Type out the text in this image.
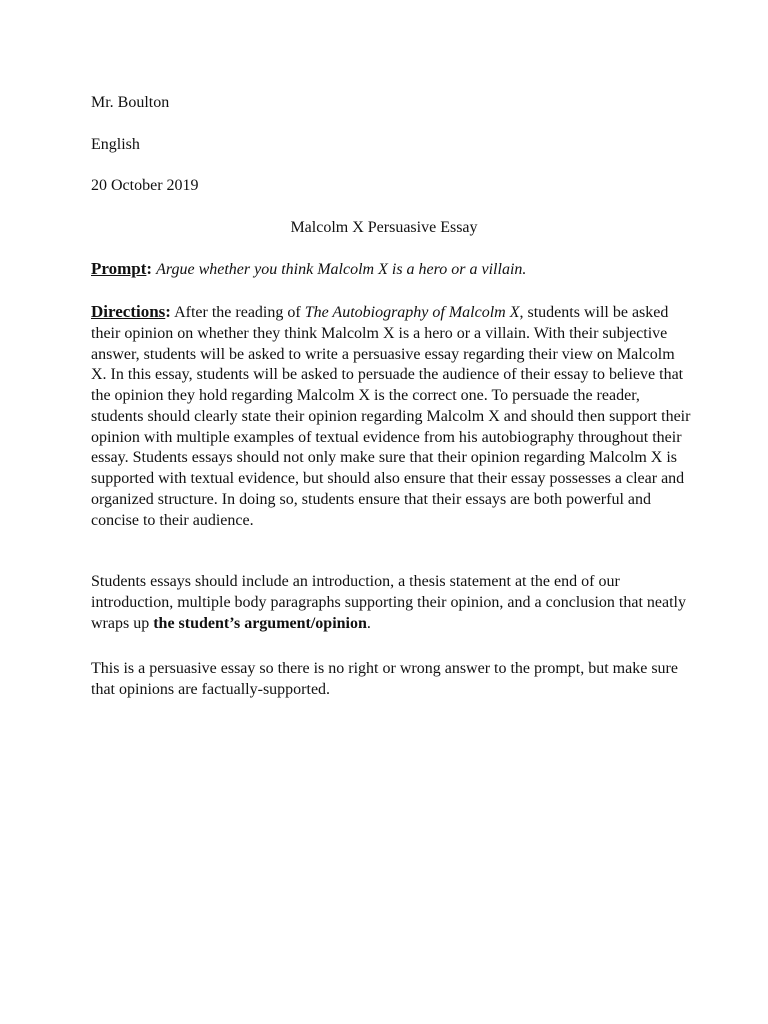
Mr. Boulton
English
20 October 2019
Malcolm X Persuasive Essay
Prompt: Argue whether you think Malcolm X is a hero or a villain.
Directions: After the reading of The Autobiography of Malcolm X, students will be asked their opinion on whether they think Malcolm X is a hero or a villain. With their subjective answer, students will be asked to write a persuasive essay regarding their view on Malcolm X. In this essay, students will be asked to persuade the audience of their essay to believe that the opinion they hold regarding Malcolm X is the correct one. To persuade the reader, students should clearly state their opinion regarding Malcolm X and should then support their opinion with multiple examples of textual evidence from his autobiography throughout their essay. Students essays should not only make sure that their opinion regarding Malcolm X is supported with textual evidence, but should also ensure that their essay possesses a clear and organized structure. In doing so, students ensure that their essays are both powerful and concise to their audience.
Students essays should include an introduction, a thesis statement at the end of our introduction, multiple body paragraphs supporting their opinion, and a conclusion that neatly wraps up the student’s argument/opinion.
This is a persuasive essay so there is no right or wrong answer to the prompt, but make sure that opinions are factually-supported.
